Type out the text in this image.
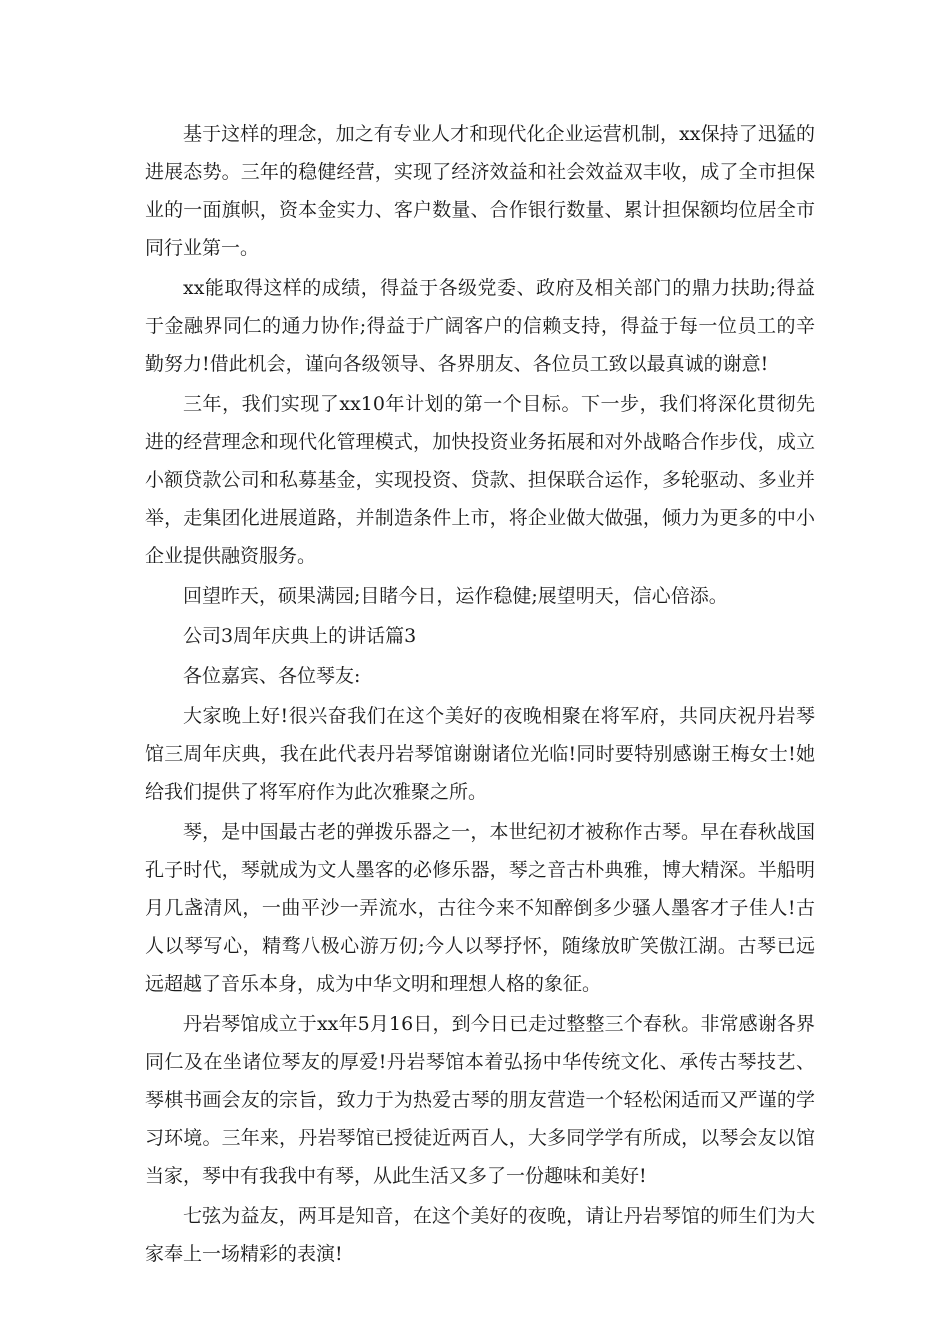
基于这样的理念，加之有专业人才和现代化企业运营机制，xx保持了迅猛的进展态势。三年的稳健经营，实现了经济效益和社会效益双丰收，成了全市担保业的一面旗帜，资本金实力、客户数量、合作银行数量、累计担保额均位居全市同行业第一。

xx能取得这样的成绩，得益于各级党委、政府及相关部门的鼎力扶助;得益于金融界同仁的通力协作;得益于广阔客户的信赖支持，得益于每一位员工的辛勤努力!借此机会，谨向各级领导、各界朋友、各位员工致以最真诚的谢意!

三年，我们实现了xx10年计划的第一个目标。下一步，我们将深化贯彻先进的经营理念和现代化管理模式，加快投资业务拓展和对外战略合作步伐，成立小额贷款公司和私募基金，实现投资、贷款、担保联合运作，多轮驱动、多业并举，走集团化进展道路，并制造条件上市，将企业做大做强，倾力为更多的中小企业提供融资服务。

回望昨天，硕果满园;目睹今日，运作稳健;展望明天，信心倍添。

公司3周年庆典上的讲话篇3

各位嘉宾、各位琴友:

大家晚上好!很兴奋我们在这个美好的夜晚相聚在将军府，共同庆祝丹岩琴馆三周年庆典，我在此代表丹岩琴馆谢谢诸位光临!同时要特别感谢王梅女士!她给我们提供了将军府作为此次雅聚之所。

琴，是中国最古老的弹拨乐器之一，本世纪初才被称作古琴。早在春秋战国孔子时代，琴就成为文人墨客的必修乐器，琴之音古朴典雅，博大精深。半船明月几盏清风，一曲平沙一弄流水，古往今来不知醉倒多少骚人墨客才子佳人!古人以琴写心，精骛八极心游万仞;今人以琴抒怀，随缘放旷笑傲江湖。古琴已远远超越了音乐本身，成为中华文明和理想人格的象征。

丹岩琴馆成立于xx年5月16日，到今日已走过整整三个春秋。非常感谢各界同仁及在坐诸位琴友的厚爱!丹岩琴馆本着弘扬中华传统文化、承传古琴技艺、琴棋书画会友的宗旨，致力于为热爱古琴的朋友营造一个轻松闲适而又严谨的学习环境。三年来，丹岩琴馆已授徒近两百人，大多同学学有所成，以琴会友以馆当家，琴中有我我中有琴，从此生活又多了一份趣味和美好!

七弦为益友，两耳是知音，在这个美好的夜晚，请让丹岩琴馆的师生们为大家奉上一场精彩的表演!
